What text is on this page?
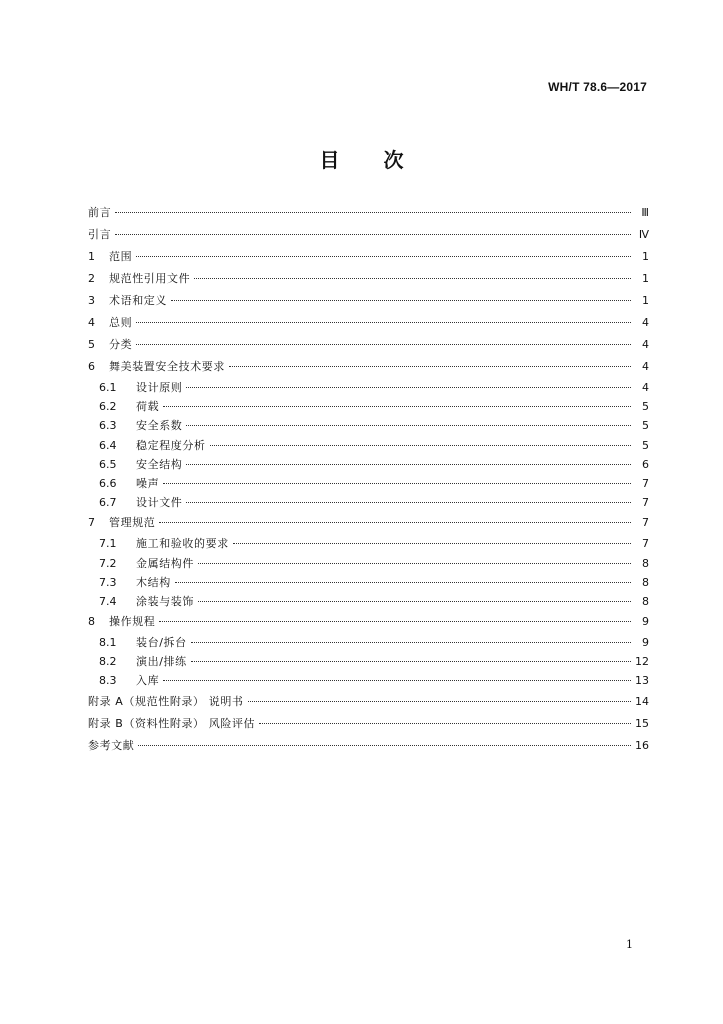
WH/T 78.6—2017
目 次
前言	Ⅲ
引言	Ⅳ
1	范围	1
2	规范性引用文件	1
3	术语和定义	1
4	总则	4
5	分类	4
6	舞美装置安全技术要求	4
6.1	设计原则	4
6.2	荷载	5
6.3	安全系数	5
6.4	稳定程度分析	5
6.5	安全结构	6
6.6	噪声	7
6.7	设计文件	7
7	管理规范	7
7.1	施工和验收的要求	7
7.2	金属结构件	8
7.3	木结构	8
7.4	涂装与装饰	8
8	操作规程	9
8.1	装台/拆台	9
8.2	演出/排练	12
8.3	入库	13
附录 A（规范性附录） 说明书	14
附录 B（资料性附录） 风险评估	15
参考文献	16
1
